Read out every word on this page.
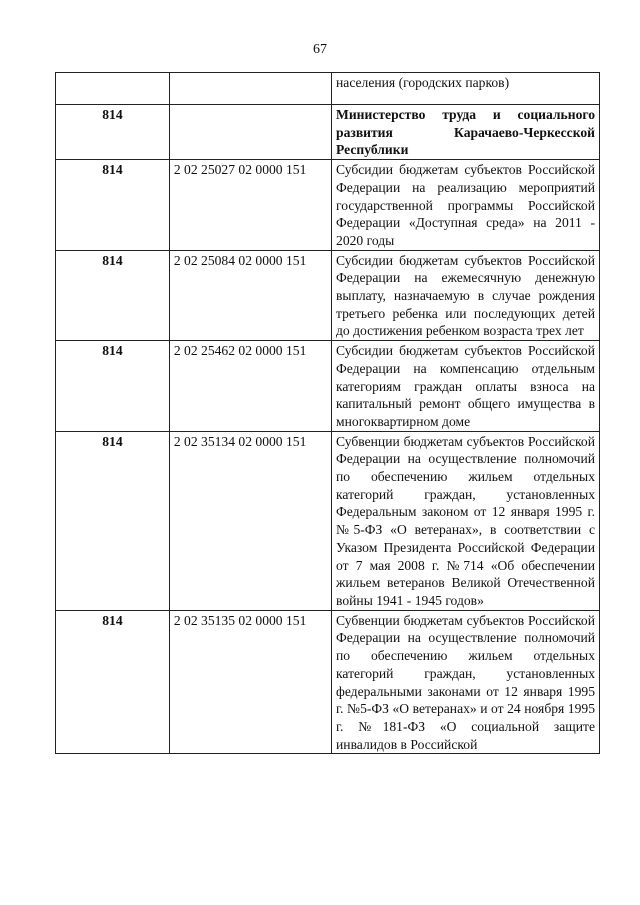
67
		населения (городских парков)
814		Министерство труда и социального развития Карачаево-Черкесской Республики
814	2 02 25027 02 0000 151	Субсидии бюджетам субъектов Российской Федерации на реализацию мероприятий государственной программы Российской Федерации «Доступная среда» на 2011 - 2020 годы
814	2 02 25084 02 0000 151	Субсидии бюджетам субъектов Российской Федерации на ежемесячную денежную выплату, назначаемую в случае рождения третьего ребенка или последующих детей до достижения ребенком возраста трех лет
814	2 02 25462 02 0000 151	Субсидии бюджетам субъектов Российской Федерации на компенсацию отдельным категориям граждан оплаты взноса на капитальный ремонт общего имущества в многоквартирном доме
814	2 02 35134 02 0000 151	Субвенции бюджетам субъектов Российской Федерации на осуществление полномочий по обеспечению жильем отдельных категорий граждан, установленных Федеральным законом от 12 января 1995 г. №5-ФЗ «О ветеранах», в соответствии с Указом Президента Российской Федерации от 7 мая 2008 г. №714 «Об обеспечении жильем ветеранов Великой Отечественной войны 1941 - 1945 годов»
814	2 02 35135 02 0000 151	Субвенции бюджетам субъектов Российской Федерации на осуществление полномочий по обеспечению жильем отдельных категорий граждан, установленных федеральными законами от 12 января 1995 г. №5-ФЗ «О ветеранах» и от 24 ноября 1995 г. №181-ФЗ «О социальной защите инвалидов в Российской
